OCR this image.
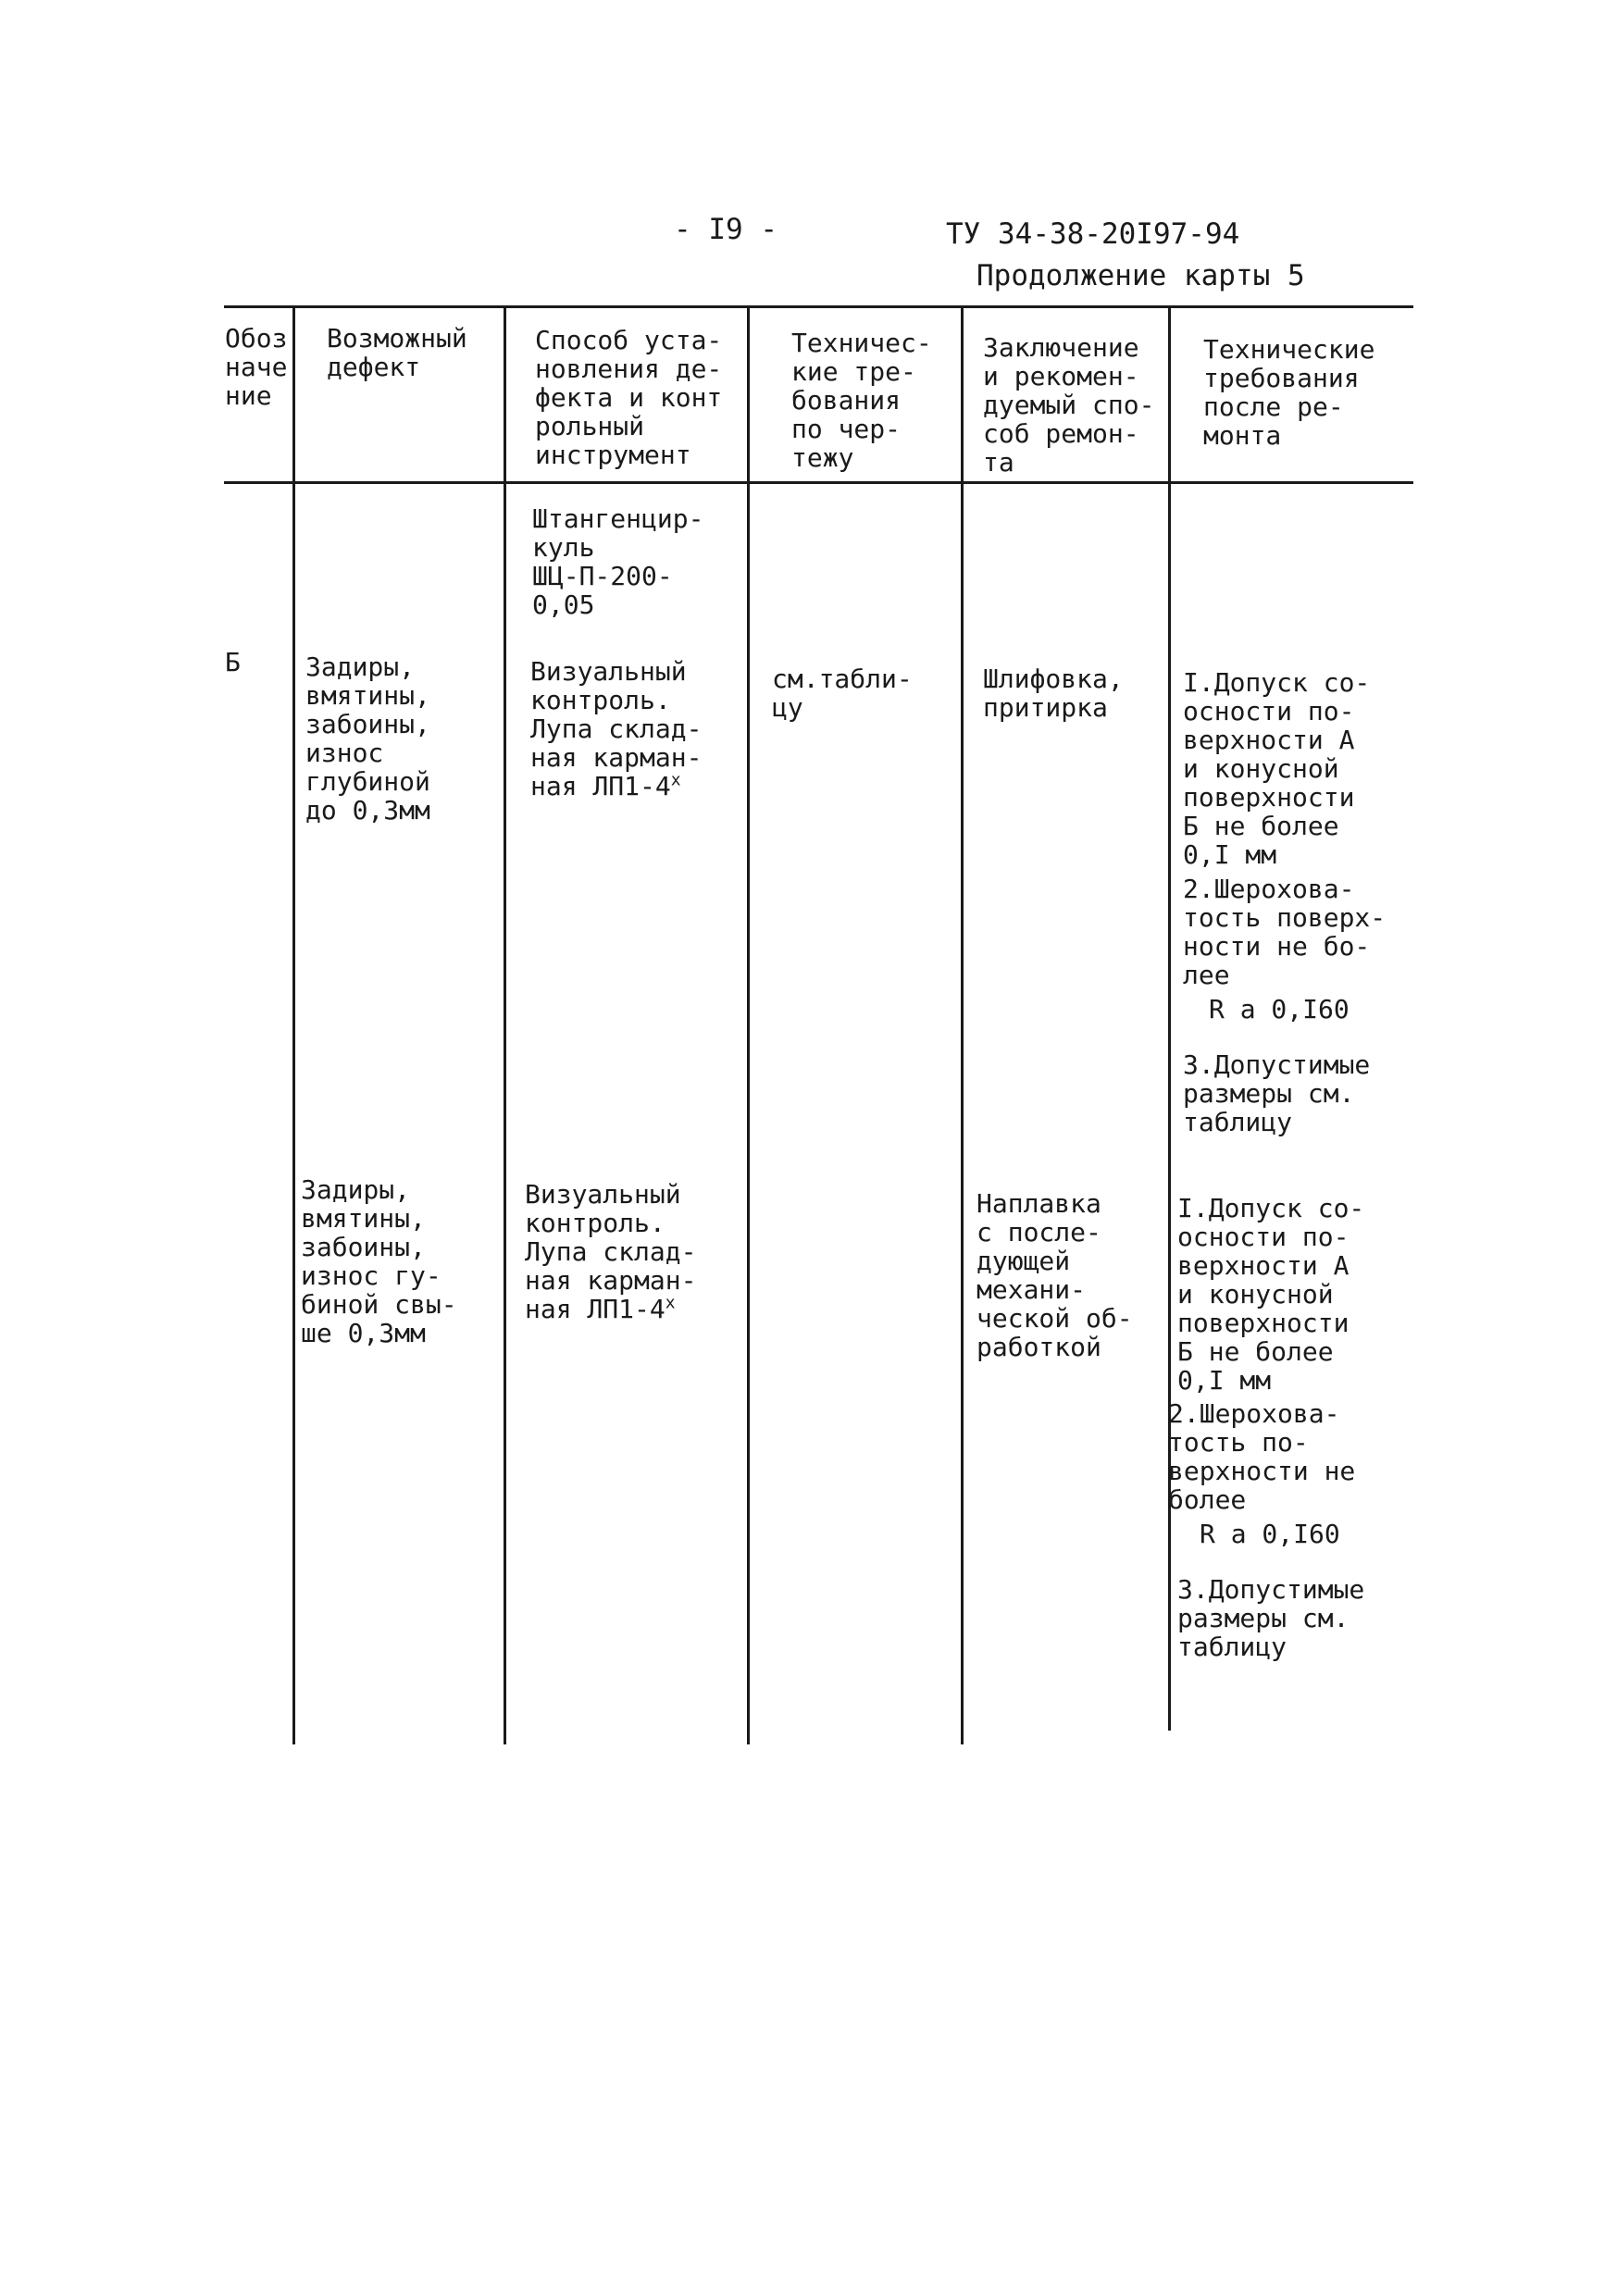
- I9 -	ТУ 34-38-20I97-94
Продолжение карты 5
Обоз
наче
ние
Возможный
дефект
Способ уста-
новления де-
фекта и конт
рольный
инструмент
Техничес-
кие тре-
бования
по чер-
тежу
Заключение
и рекомен-
дуемый спо-
соб ремон-
та
Технические
требования
после ре-
монта
Штангенцир-
куль
ШЦ-П-200-
0,05
Б	Задиры,
вмятины,
забоины,
износ
глубиной
до 0,3мм
Визуальный
контроль.
Лупа склад-
ная карман-
ная ЛП1-4$^x$
см.табли-
цу
Шлифовка,
притирка
I.Допуск со-
осности по-
верхности А
и конусной
поверхности
Б не более
0,I мм
2.Шерохова-
тость поверх-
ности не бо-
лее
R a 0,I60
3.Допустимые
размеры см.
таблицу
Задиры,
вмятины,
забоины,
износ гу-
биной свы-
ше 0,3мм
Визуальный
контроль.
Лупа склад-
ная карман-
ная ЛП1-4$^x$
Наплавка
с после-
дующей
механи-
ческой об-
работкой
I.Допуск со-
осности по-
верхности А
и конусной
поверхности
Б не более
0,I мм
2.Шерохова-
тость по-
верхности не
более
R a 0,I60
3.Допустимые
размеры см.
таблицу
